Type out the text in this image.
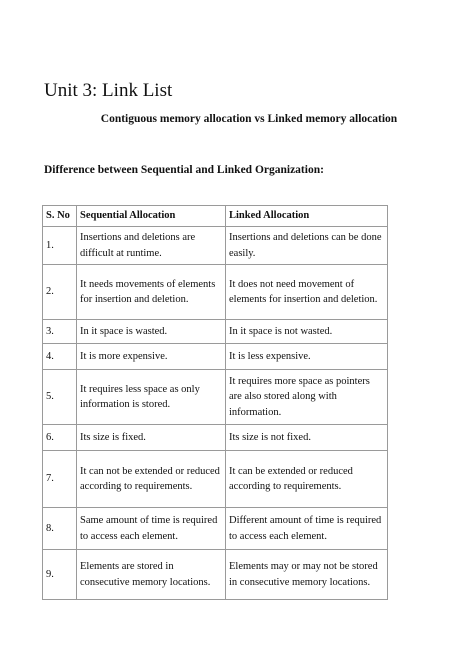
Unit 3: Link List

Contiguous memory allocation vs Linked memory allocation

Difference between Sequential and Linked Organization:

S. No	Sequential Allocation	Linked Allocation
1.	Insertions and deletions are difficult at runtime.	Insertions and deletions can be done easily.
2.	It needs movements of elements for insertion and deletion.	It does not need movement of elements for insertion and deletion.
3.	In it space is wasted.	In it space is not wasted.
4.	It is more expensive.	It is less expensive.
5.	It requires less space as only information is stored.	It requires more space as pointers are also stored along with information.
6.	Its size is fixed.	Its size is not fixed.
7.	It can not be extended or reduced according to requirements.	It can be extended or reduced according to requirements.
8.	Same amount of time is required to access each element.	Different amount of time is required to access each element.
9.	Elements are stored in consecutive memory locations.	Elements may or may not be stored in consecutive memory locations.
